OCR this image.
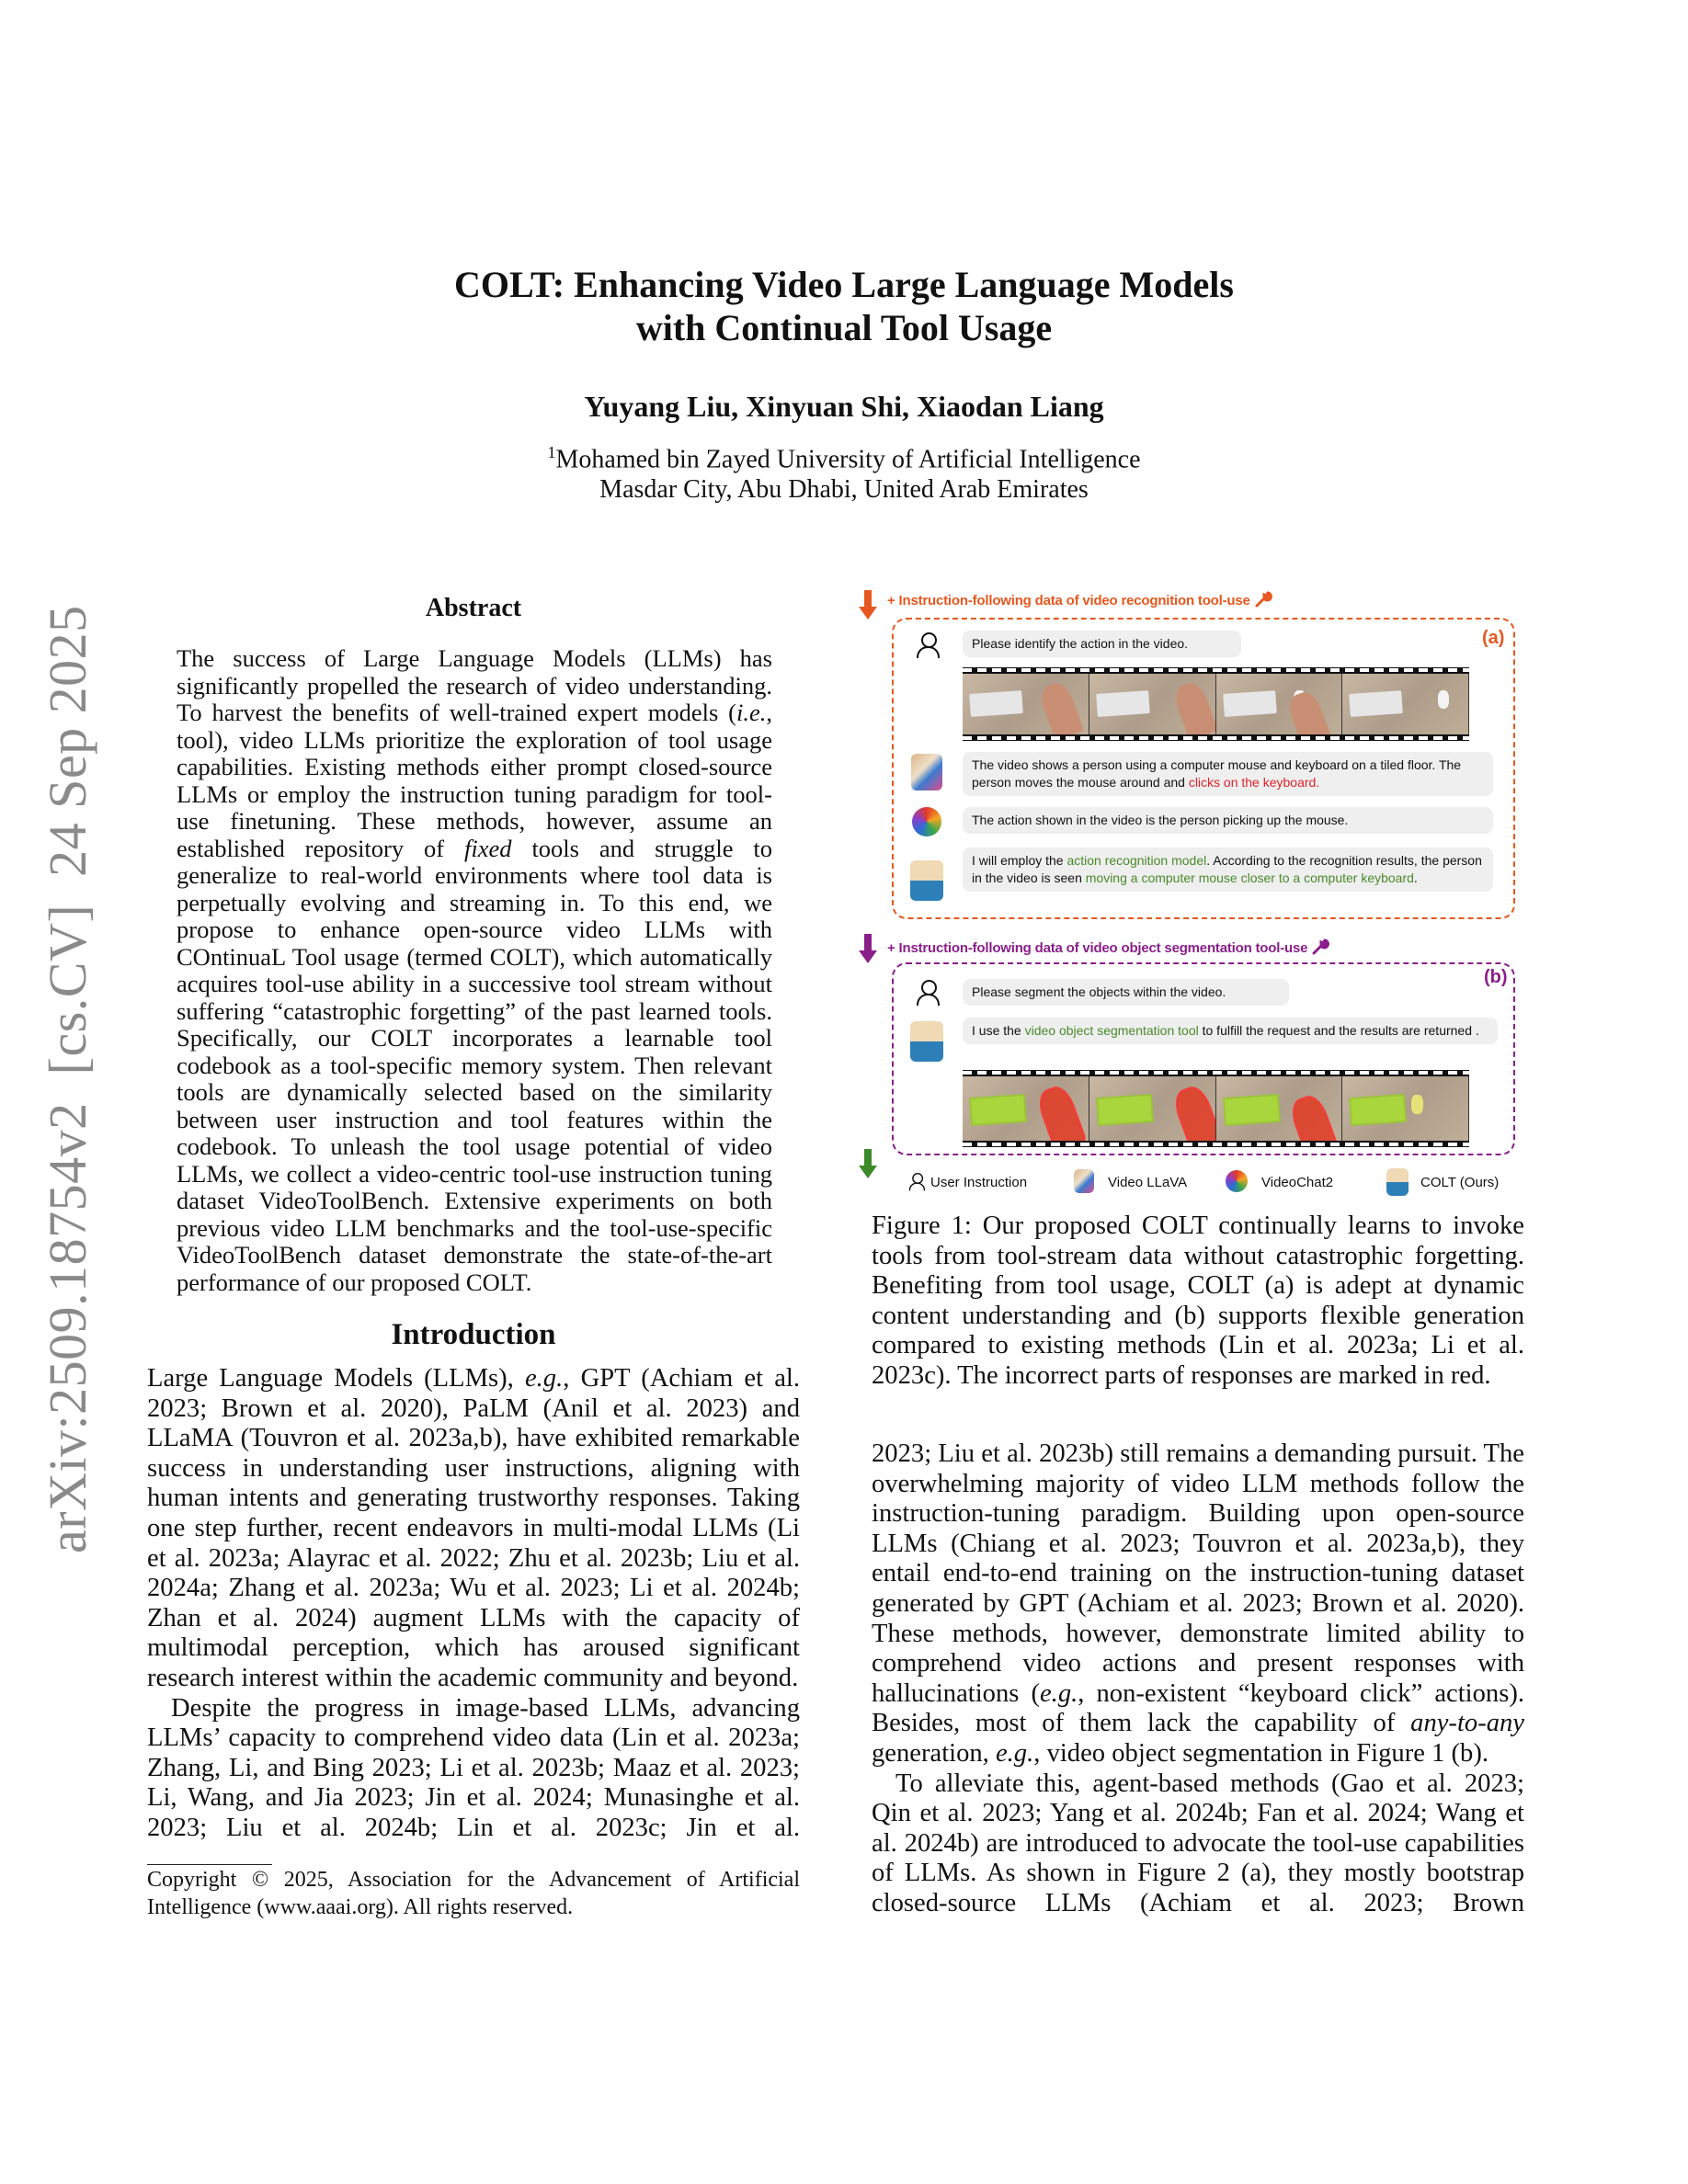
COLT: Enhancing Video Large Language Models
with Continual Tool Usage
Yuyang Liu, Xinyuan Shi, Xiaodan Liang
$^1$Mohamed bin Zayed University of Artificial Intelligence
Masdar City, Abu Dhabi, United Arab Emirates
arXiv:2509.18754v2  [cs.CV]  24 Sep 2025	Abstract
The success of Large Language Models (LLMs) has significantly propelled the research of video understanding. To harvest the benefits of well-trained expert models (i.e., tool), video LLMs prioritize the exploration of tool usage capabilities. Existing methods either prompt closed-source LLMs or employ the instruction tuning paradigm for tool-use finetuning. These methods, however, assume an established repository of fixed tools and struggle to generalize to real-world environments where tool data is perpetually evolving and streaming in. To this end, we propose to enhance open-source video LLMs with COntinuaL Tool usage (termed COLT), which automatically acquires tool-use ability in a successive tool stream without suffering “catastrophic forgetting” of the past learned tools. Specifically, our COLT incorporates a learnable tool codebook as a tool-specific memory system. Then relevant tools are dynamically selected based on the similarity between user instruction and tool features within the codebook. To unleash the tool usage potential of video LLMs, we collect a video-centric tool-use instruction tuning dataset VideoToolBench. Extensive experiments on both previous video LLM benchmarks and the tool-use-specific VideoToolBench dataset demonstrate the state-of-the-art performance of our proposed COLT.
Introduction

Large Language Models (LLMs), e.g., GPT (Achiam et al. 2023; Brown et al. 2020), PaLM (Anil et al. 2023) and LLaMA (Touvron et al. 2023a,b), have exhibited remarkable success in understanding user instructions, aligning with human intents and generating trustworthy responses. Taking one step further, recent endeavors in multi-modal LLMs (Li et al. 2023a; Alayrac et al. 2022; Zhu et al. 2023b; Liu et al. 2024a; Zhang et al. 2023a; Wu et al. 2023; Li et al. 2024b; Zhan et al. 2024) augment LLMs with the capacity of multimodal perception, which has aroused significant research interest within the academic community and beyond.

Despite the progress in image-based LLMs, advancing LLMs’ capacity to comprehend video data (Lin et al. 2023a; Zhang, Li, and Bing 2023; Li et al. 2023b; Maaz et al. 2023; Li, Wang, and Jia 2023; Jin et al. 2024; Munasinghe et al. 2023; Liu et al. 2024b; Lin et al. 2023c; Jin et al.

Copyright © 2025, Association for the Advancement of Artificial Intelligence (www.aaai.org). All rights reserved.
+ Instruction-following data of video recognition tool-use
(a)
Please identify the action in the video.
The video shows a person using a computer mouse and keyboard on a tiled floor. The person moves the mouse around and clicks on the keyboard.
The action shown in the video is the person picking up the mouse.
I will employ the action recognition model. According to the recognition results, the person in the video is seen moving a computer mouse closer to a computer keyboard.
+ Instruction-following data of video object segmentation tool-use
(b)
Please segment the objects within the video.
I use the video object segmentation tool to fulfill the request and the results are returned .
User Instruction	Video LLaVA	VideoChat2	COLT (Ours)
Figure 1: Our proposed COLT continually learns to invoke tools from tool-stream data without catastrophic forgetting. Benefiting from tool usage, COLT (a) is adept at dynamic content understanding and (b) supports flexible generation compared to existing methods (Lin et al. 2023a; Li et al. 2023c). The incorrect parts of responses are marked in red.

2023; Liu et al. 2023b) still remains a demanding pursuit. The overwhelming majority of video LLM methods follow the instruction-tuning paradigm. Building upon open-source LLMs (Chiang et al. 2023; Touvron et al. 2023a,b), they entail end-to-end training on the instruction-tuning dataset generated by GPT (Achiam et al. 2023; Brown et al. 2020). These methods, however, demonstrate limited ability to comprehend video actions and present responses with hallucinations (e.g., non-existent “keyboard click” actions). Besides, most of them lack the capability of any-to-any generation, e.g., video object segmentation in Figure 1 (b).

To alleviate this, agent-based methods (Gao et al. 2023; Qin et al. 2023; Yang et al. 2024b; Fan et al. 2024; Wang et al. 2024b) are introduced to advocate the tool-use capabilities of LLMs. As shown in Figure 2 (a), they mostly bootstrap closed-source LLMs (Achiam et al. 2023; Brown
